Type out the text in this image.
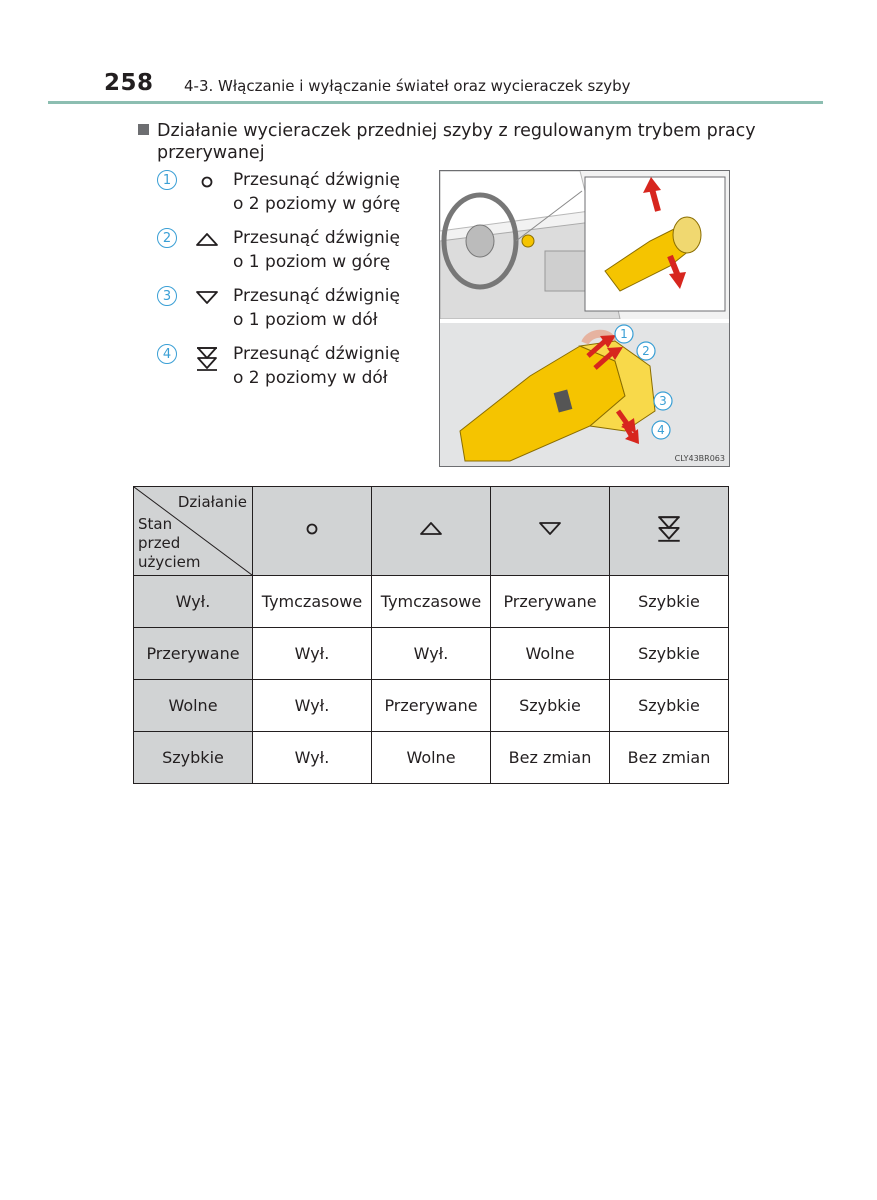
258 4-3. Włączanie i wyłączanie świateł oraz wycieraczek szyby
Działanie wycieraczek przedniej szyby z regulowanym trybem pracy
przerywanej
1	Przesunąć dźwignię
o 2 poziomy w górę
2	Przesunąć dźwignię
o 1 poziom w górę
3	Przesunąć dźwignię
o 1 poziom w dół
4	Przesunąć dźwignię
o 2 poziomy w dół
1
2
3
4
CLY43BR063
Działanie
Stan
przed
użyciem

Wył.	Tymczasowe	Tymczasowe	Przerywane	Szybkie
Przerywane	Wył.	Wył.	Wolne	Szybkie
Wolne	Wył.	Przerywane	Szybkie	Szybkie
Szybkie	Wył.	Wolne	Bez zmian	Bez zmian
